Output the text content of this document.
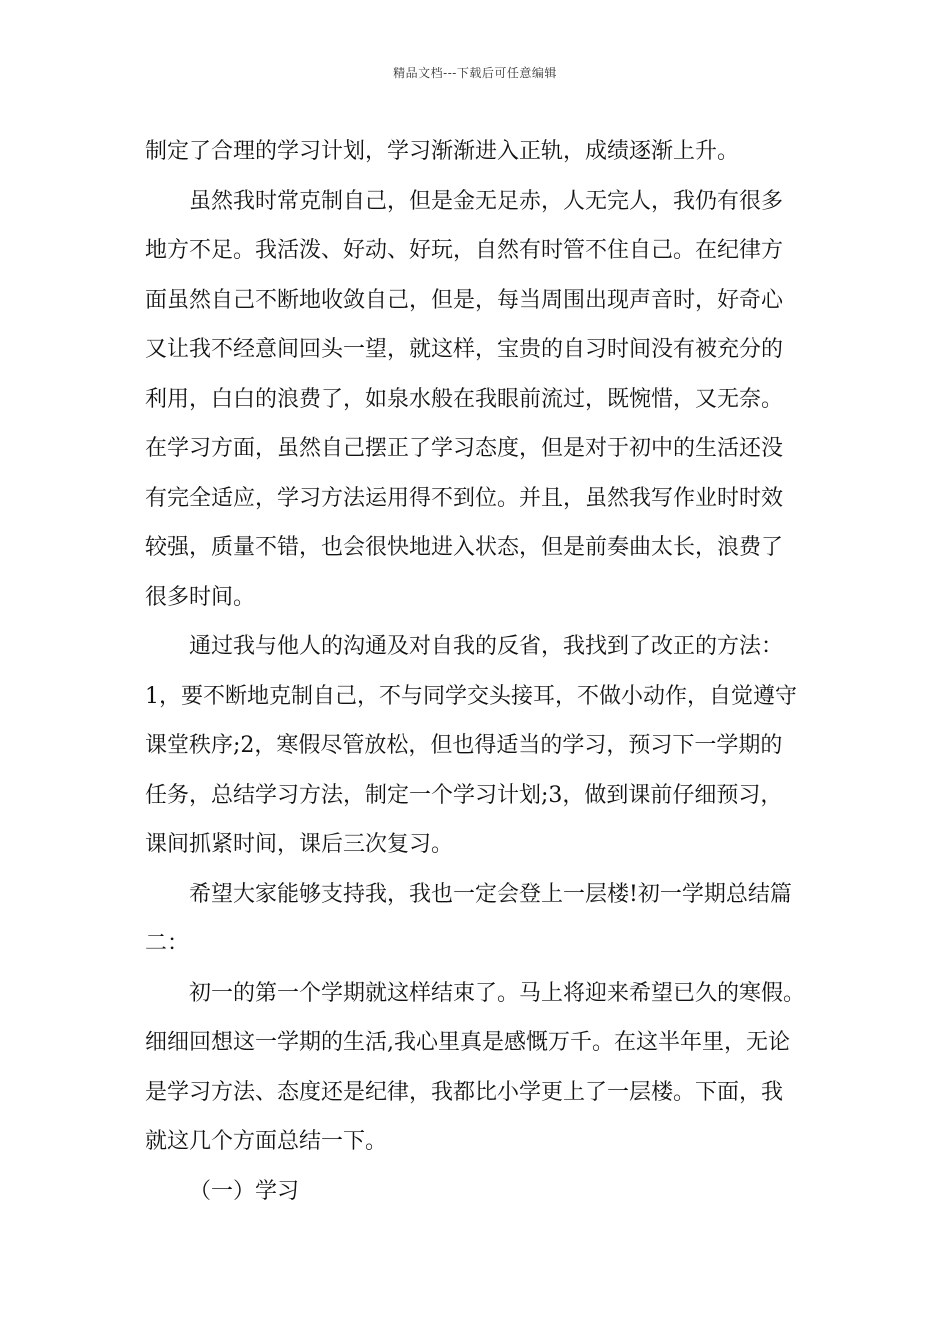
精品文档---下载后可任意编辑

制定了合理的学习计划，学习渐渐进入正轨，成绩逐渐上升。

虽然我时常克制自己，但是金无足赤，人无完人，我仍有很多
地方不足。我活泼、好动、好玩，自然有时管不住自己。在纪律方
面虽然自己不断地收敛自己，但是，每当周围出现声音时，好奇心
又让我不经意间回头一望，就这样，宝贵的自习时间没有被充分的
利用，白白的浪费了，如泉水般在我眼前流过，既惋惜，又无奈。
在学习方面，虽然自己摆正了学习态度，但是对于初中的生活还没
有完全适应，学习方法运用得不到位。并且，虽然我写作业时时效
较强，质量不错，也会很快地进入状态，但是前奏曲太长，浪费了
很多时间。

通过我与他人的沟通及对自我的反省，我找到了改正的方法：
1，要不断地克制自己，不与同学交头接耳，不做小动作，自觉遵守
课堂秩序;2，寒假尽管放松，但也得适当的学习，预习下一学期的
任务，总结学习方法，制定一个学习计划;3，做到课前仔细预习，
课间抓紧时间，课后三次复习。

希望大家能够支持我，我也一定会登上一层楼!初一学期总结篇
二：

初一的第一个学期就这样结束了。马上将迎来希望已久的寒假。
细细回想这一学期的生活,我心里真是感慨万千。在这半年里，无论
是学习方法、态度还是纪律，我都比小学更上了一层楼。下面，我
就这几个方面总结一下。

（一）学习
